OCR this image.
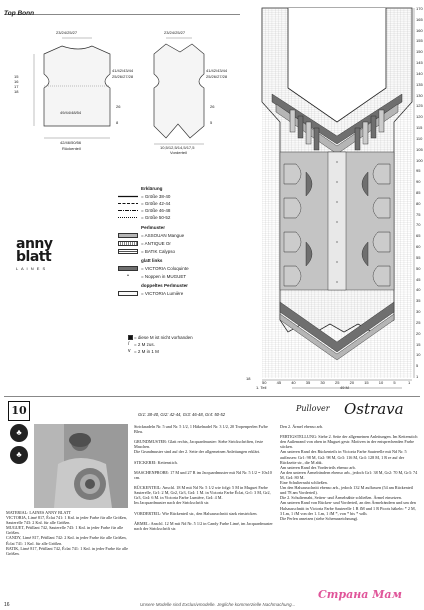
Top Bonn
23/24/25/27
15
16
17
18
41/42/43/44
25/26/27/28
26
49/44/48/54
8
42/46/50/56
Rückenteil
23/24/25/27
41/42/43/44
25/26/27/28
26
5
10,5/12,5/14,5/17,5
Vorderteil
Erklärung
= Größe 38-40
= Größe 42-44
= Größe 46-48
= Größe 50-52
Perlmuster
= ASSOUAN Mangue
= ANTIQUE Or
= BATIK Calypso
glatt links
= VICTORIA Coloquinte
•	= Noppen in MUGUET
doppeltes Perlmuster
= VICTORIA Lumière
= diese M ist nicht vorhanden
/ = 2 M zus.
v = 2 M in 1 M
anny
blatt
L A I N E S
170
165
160
155
150
145
140
135
130
125
120
115
110
105
100
95
90
85
80
75
70
65
60
55
50
45
40
35
30
25
20
15
10
5
1
50	45	40	35	30	25	20	15	10	5	1
18
1. Teil	49 M
10	Pullover Ostrava
Gr1: 38-40, Gr2: 42-44, Gr3: 46-48, Gr4: 50-52
♣
♣
MATERIAL: LAINES ANNY BLATT
VICTORIA, Limé 817, Éclat 741: 1 Knl. in jeder Farbe für alle Größen, Sauterelle 743: 2 Knl. für alle Größen.
MUGUET, Pétillant 742, Sauterelle 743: 1 Knl. in jeder Farbe für alle Größen.
CANDY, Limé 817, Pétillant 742: 2 Knl. in jeder Farbe für alle Größen, Éclat 741: 1 Knl. für alle Größen.
BATIK, Limé 817, Pétillant 742, Éclat 741: 1 Knl. in jeder Farbe für alle Größen.
Stricknadeln Nr. 5 und Nr. 5 1/2, 1 Häkelnadel Nr. 3 1/2, 20 Tropenperlen Fa/be Bleu.

GRUNDMUSTER: Glatt rechts, Jacquardmuster: Siehe Strickschriften, feste Maschen.
Die Grundmuster sind auf der 2. Seite der allgemeinen Anleitungen erklärt.

STICKEREI: Kettenstich.

MASCHENPROBE: 17 M und 27 R im Jacquardmuster mit Nd Nr. 5 1/2 = 10x10 cm.

RÜCKENTEIL: Anschl. 18 M mit Nd Nr. 5 1/2 wie folgt: 5 M in Muguet Farbe Sauterelle, Gr1: 2 M, Gr2, Gr3, Gr4: 1 M. in Victoria Farbe Éclat, Gr1: 3 M, Gr2, Gr3, Gr4: 6 M. in Victoria Farbe Lumière, Gr4: 4 M.
Im Jacquardmuster nach der Strickschrift str.

VORDERTEIL: Wie Rückenteil str., den Halsausschnitt stark einstricken.

ÄRMEL: Anschl. 12 M mit Nd Nr. 5 1/2 in Candy Farbe Limé, im Jacquardmuster nach der Strickschrift str.
Den 2. Ärmel ebenso arb.

FERTIGSTELLUNG: Siehe 2. Seite der allgemeinen Anleitungen. Im Kettenstich den Außenrand von oben in Muguet gestr. Motiven in der entsprechenden Farbe sticken.
Am unteren Rand des Rückenteils in Victoria Farbe Sauterelle mit Nd Nr. 5 auffassen: Gr1: 98 M, Gr2: 98 M, Gr3: 116 M, Gr4: 128 M, 1 R re auf der Rückseite str., die M abk.
Am unteren Rand des Vorderteils ebenso arb.
An den unteren Ärmelrändern ebenso arb., jedoch Gr1: 38 M, Gr2: 70 M, Gr3: 74 M, Gr4: 80 M.
Eine Schulternaht schließen.
Um den Halsausschnitt ebenso arb., jedoch 132 M auffassen (54 am Rückenteil und 78 am Vorderteil).
Die 2. Schulternaht, Seiten- und Ärmelnähte schließen. Ärmel einsetzen.
Am unteren Rand von Rücken- und Vorderteil, an den Ärmelrändern und um den Halsausschnitt in Victoria Farbe Sauterelle 1 R fM und 1 R Picots häkeln: * 2 M, 3 Lm, 1 fM von der 1. Lm, 1 fM *, von * bis * wdh.
Die Perlen ansetzen (siehe Schemazeichnung).
16	Unsere Modelle sind Exclusivmodelle. Jegliche kommerzielle Nachmachung...
Страна Мам
